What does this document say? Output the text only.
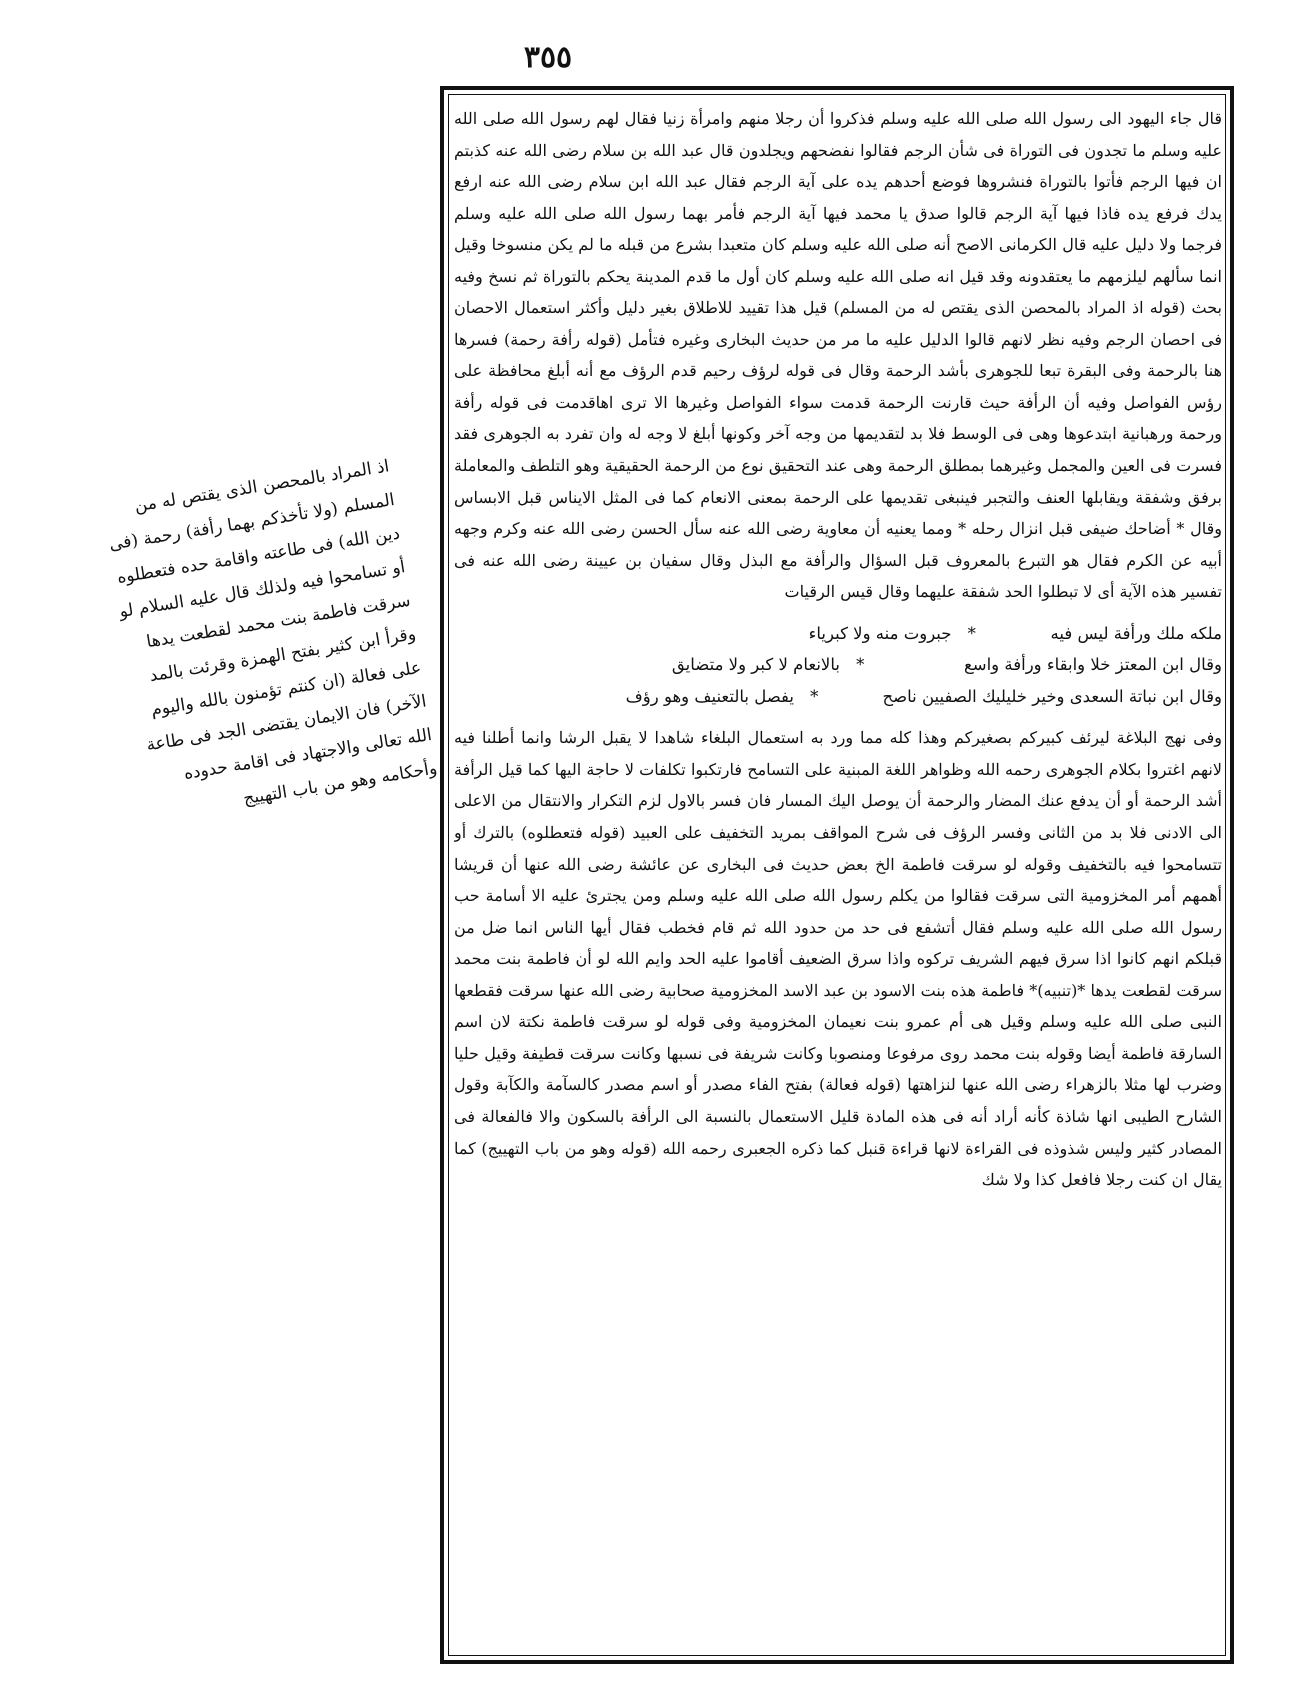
٣٥٥

اذ المراد بالمحصن الذى يقتص له من المسلم (ولا تأخذكم بهما رأفة) رحمة (فى دين الله) فى طاعته واقامة حده فتعطلوه أو تسامحوا فيه ولذلك قال عليه السلام لو سرقت فاطمة بنت محمد لقطعت يدها وقرأ ابن كثير بفتح الهمزة وقرئت بالمد على فعالة (ان كنتم تؤمنون بالله واليوم الآخر) فان الايمان يقتضى الجد فى طاعة الله تعالى والاجتهاد فى اقامة حدوده وأحكامه وهو من باب التهييج

قال جاء اليهود الى رسول الله صلى الله عليه وسلم فذكروا أن رجلا منهم وامرأة زنيا فقال لهم رسول الله صلى الله عليه وسلم ما تجدون فى التوراة فى شأن الرجم فقالوا نفضحهم ويجلدون قال عبد الله بن سلام رضى الله عنه كذبتم ان فيها الرجم فأتوا بالتوراة فنشروها فوضع أحدهم يده على آية الرجم فقال عبد الله ابن سلام رضى الله عنه ارفع يدك فرفع يده فاذا فيها آية الرجم قالوا صدق يا محمد فيها آية الرجم فأمر بهما رسول الله صلى الله عليه وسلم فرجما ولا دليل عليه قال الكرمانى الاصح أنه صلى الله عليه وسلم كان متعبدا بشرع من قبله ما لم يكن منسوخا وقيل انما سألهم ليلزمهم ما يعتقدونه وقد قيل انه صلى الله عليه وسلم كان أول ما قدم المدينة يحكم بالتوراة ثم نسخ وفيه بحث (قوله اذ المراد بالمحصن الذى يقتص له من المسلم) قيل هذا تقييد للاطلاق بغير دليل وأكثر استعمال الاحصان فى احصان الرجم وفيه نظر لانهم قالوا الدليل عليه ما مر من حديث البخارى وغيره فتأمل (قوله رأفة رحمة) فسرها هنا بالرحمة وفى البقرة تبعا للجوهرى بأشد الرحمة وقال فى قوله لرؤف رحيم قدم الرؤف مع أنه أبلغ محافظة على رؤس الفواصل وفيه أن الرأفة حيث قارنت الرحمة قدمت سواء الفواصل وغيرها الا ترى اهاقدمت فى قوله رأفة ورحمة ورهبانية ابتدعوها وهى فى الوسط فلا بد لتقديمها من وجه آخر وكونها أبلغ لا وجه له وان تفرد به الجوهرى فقد فسرت فى العين والمجمل وغيرهما بمطلق الرحمة وهى عند التحقيق نوع من الرحمة الحقيقية وهو التلطف والمعاملة برفق وشفقة ويقابلها العنف والتجبر فينبغى تقديمها على الرحمة بمعنى الانعام كما فى المثل الايناس قبل الابساس وقال * أضاحك ضيفى قبل انزال رحله * ومما يعنيه أن معاوية رضى الله عنه سأل الحسن رضى الله عنه وكرم وجهه أبيه عن الكرم فقال هو التبرع بالمعروف قبل السؤال والرأفة مع البذل وقال سفيان بن عيينة رضى الله عنه فى تفسير هذه الآية أى لا تبطلوا الحد شفقة عليهما وقال قيس الرقيات

ملكه ملك ورأفة ليس فيه * جبروت منه ولا كبرياء
وقال ابن المعتز خلا وابقاء ورأفة واسع * بالانعام لا كبر ولا متضايق
وقال ابن نباتة السعدى وخير خليليك الصفيين ناصح * يفصل بالتعنيف وهو رؤف

وفى نهج البلاغة ليرئف كبيركم بصغيركم وهذا كله مما ورد به استعمال البلغاء شاهدا لا يقبل الرشا وانما أطلنا فيه لانهم اغتروا بكلام الجوهرى رحمه الله وظواهر اللغة المبنية على التسامح فارتكبوا تكلفات لا حاجة اليها كما قيل الرأفة أشد الرحمة أو أن يدفع عنك المضار والرحمة أن يوصل اليك المسار فان فسر بالاول لزم التكرار والانتقال من الاعلى الى الادنى فلا بد من الثانى وفسر الرؤف فى شرح المواقف بمريد التخفيف على العبيد (قوله فتعطلوه) بالترك أو تتسامحوا فيه بالتخفيف وقوله لو سرقت فاطمة الخ بعض حديث فى البخارى عن عائشة رضى الله عنها أن قريشا أهمهم أمر المخزومية التى سرقت فقالوا من يكلم رسول الله صلى الله عليه وسلم ومن يجترئ عليه الا أسامة حب رسول الله صلى الله عليه وسلم فقال أتشفع فى حد من حدود الله ثم قام فخطب فقال أيها الناس انما ضل من قبلكم انهم كانوا اذا سرق فيهم الشريف تركوه واذا سرق الضعيف أقاموا عليه الحد وايم الله لو أن فاطمة بنت محمد سرقت لقطعت يدها *(تنبيه)* فاطمة هذه بنت الاسود بن عبد الاسد المخزومية صحابية رضى الله عنها سرقت فقطعها النبى صلى الله عليه وسلم وقيل هى أم عمرو بنت نعيمان المخزومية وفى قوله لو سرقت فاطمة نكتة لان اسم السارقة فاطمة أيضا وقوله بنت محمد روى مرفوعا ومنصوبا وكانت شريفة فى نسبها وكانت سرقت قطيفة وقيل حليا وضرب لها مثلا بالزهراء رضى الله عنها لنزاهتها (قوله فعالة) بفتح الفاء مصدر أو اسم مصدر كالسآمة والكآبة وقول الشارح الطيبى انها شاذة كأنه أراد أنه فى هذه المادة قليل الاستعمال بالنسبة الى الرأفة بالسكون والا فالفعالة فى المصادر كثير وليس شذوذه فى القراءة لانها قراءة قنبل كما ذكره الجعبرى رحمه الله (قوله وهو من باب التهييج) كما يقال ان كنت رجلا فافعل كذا ولا شك
